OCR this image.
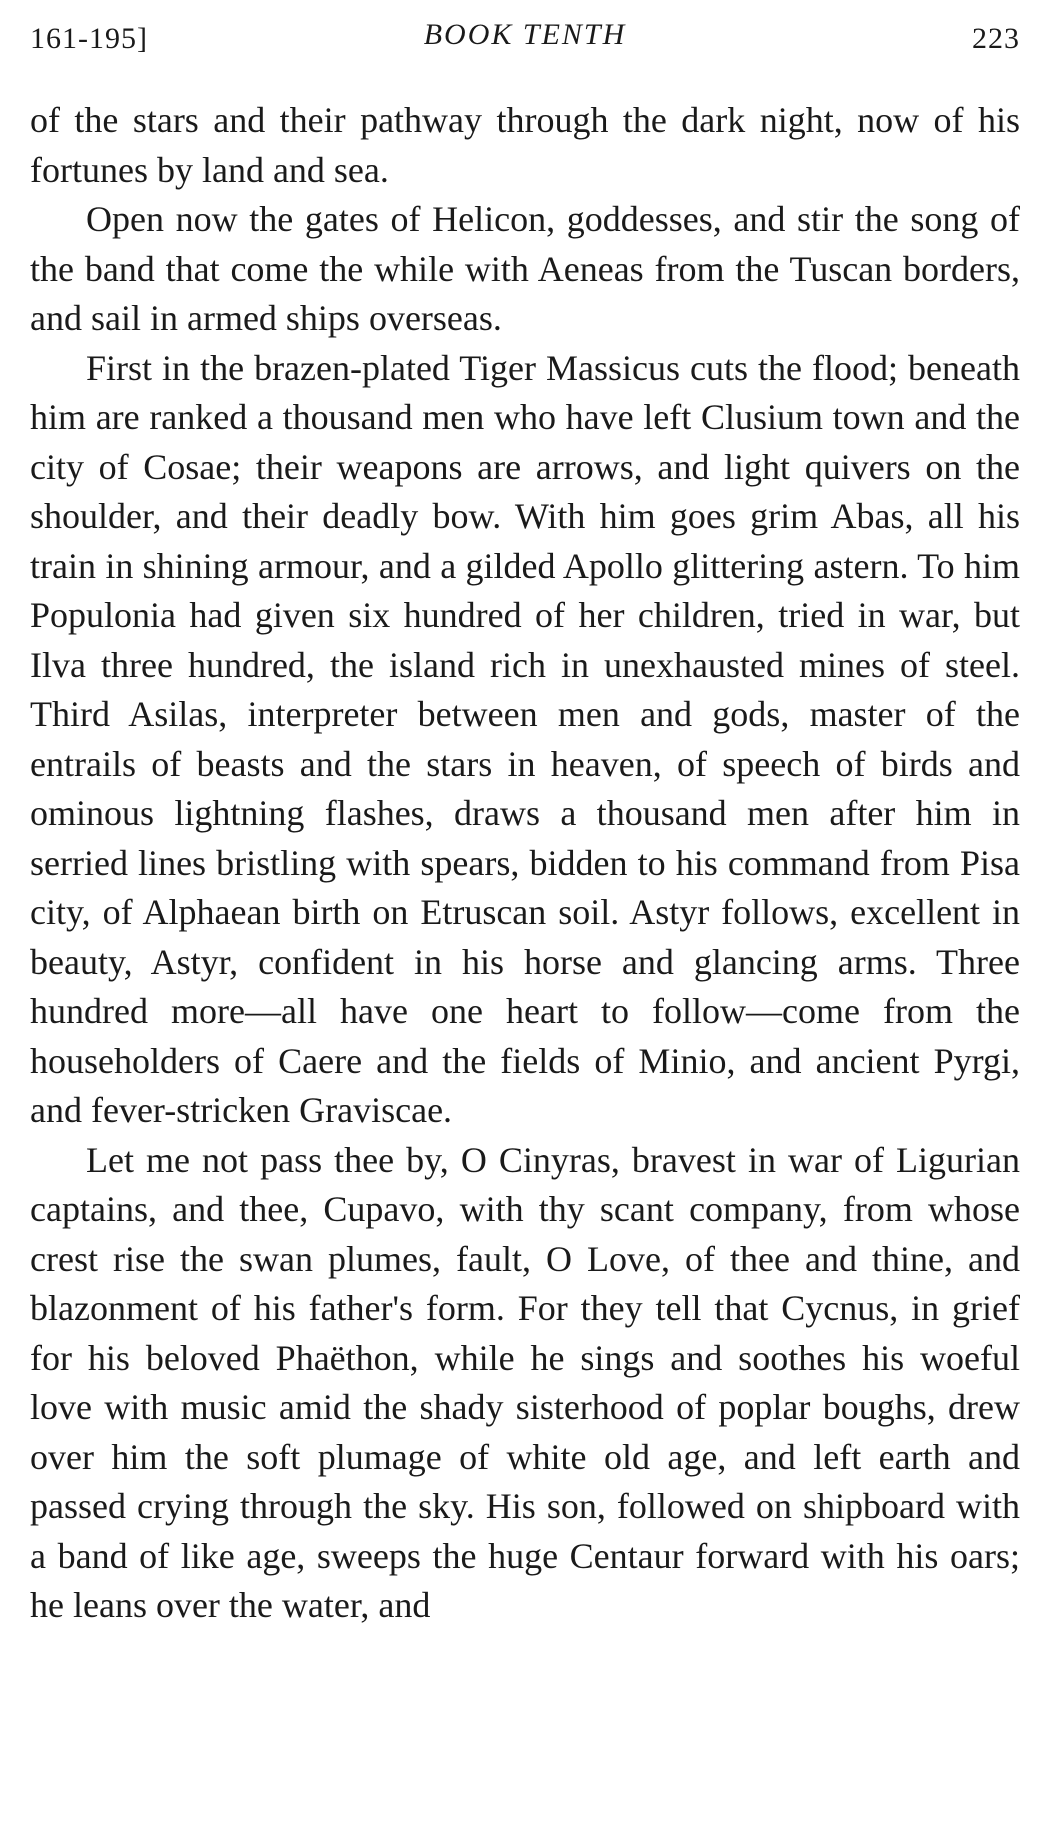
161-195]	BOOK TENTH	223

of the stars and their pathway through the dark night, now of his fortunes by land and sea.

Open now the gates of Helicon, goddesses, and stir the song of the band that come the while with Aeneas from the Tuscan borders, and sail in armed ships overseas.

First in the brazen-plated Tiger Massicus cuts the flood; beneath him are ranked a thousand men who have left Clusium town and the city of Cosae; their weapons are arrows, and light quivers on the shoulder, and their deadly bow. With him goes grim Abas, all his train in shining armour, and a gilded Apollo glittering astern. To him Populonia had given six hundred of her children, tried in war, but Ilva three hundred, the island rich in unexhausted mines of steel. Third Asilas, interpreter between men and gods, master of the entrails of beasts and the stars in heaven, of speech of birds and ominous lightning flashes, draws a thousand men after him in serried lines bristling with spears, bidden to his command from Pisa city, of Alphaean birth on Etruscan soil. Astyr follows, excellent in beauty, Astyr, confident in his horse and glancing arms. Three hundred more—all have one heart to follow—come from the householders of Caere and the fields of Minio, and ancient Pyrgi, and fever-stricken Graviscae.

Let me not pass thee by, O Cinyras, bravest in war of Ligurian captains, and thee, Cupavo, with thy scant company, from whose crest rise the swan plumes, fault, O Love, of thee and thine, and blazonment of his father's form. For they tell that Cycnus, in grief for his beloved Phaëthon, while he sings and soothes his woeful love with music amid the shady sisterhood of poplar boughs, drew over him the soft plumage of white old age, and left earth and passed crying through the sky. His son, followed on shipboard with a band of like age, sweeps the huge Centaur forward with his oars; he leans over the water, and
